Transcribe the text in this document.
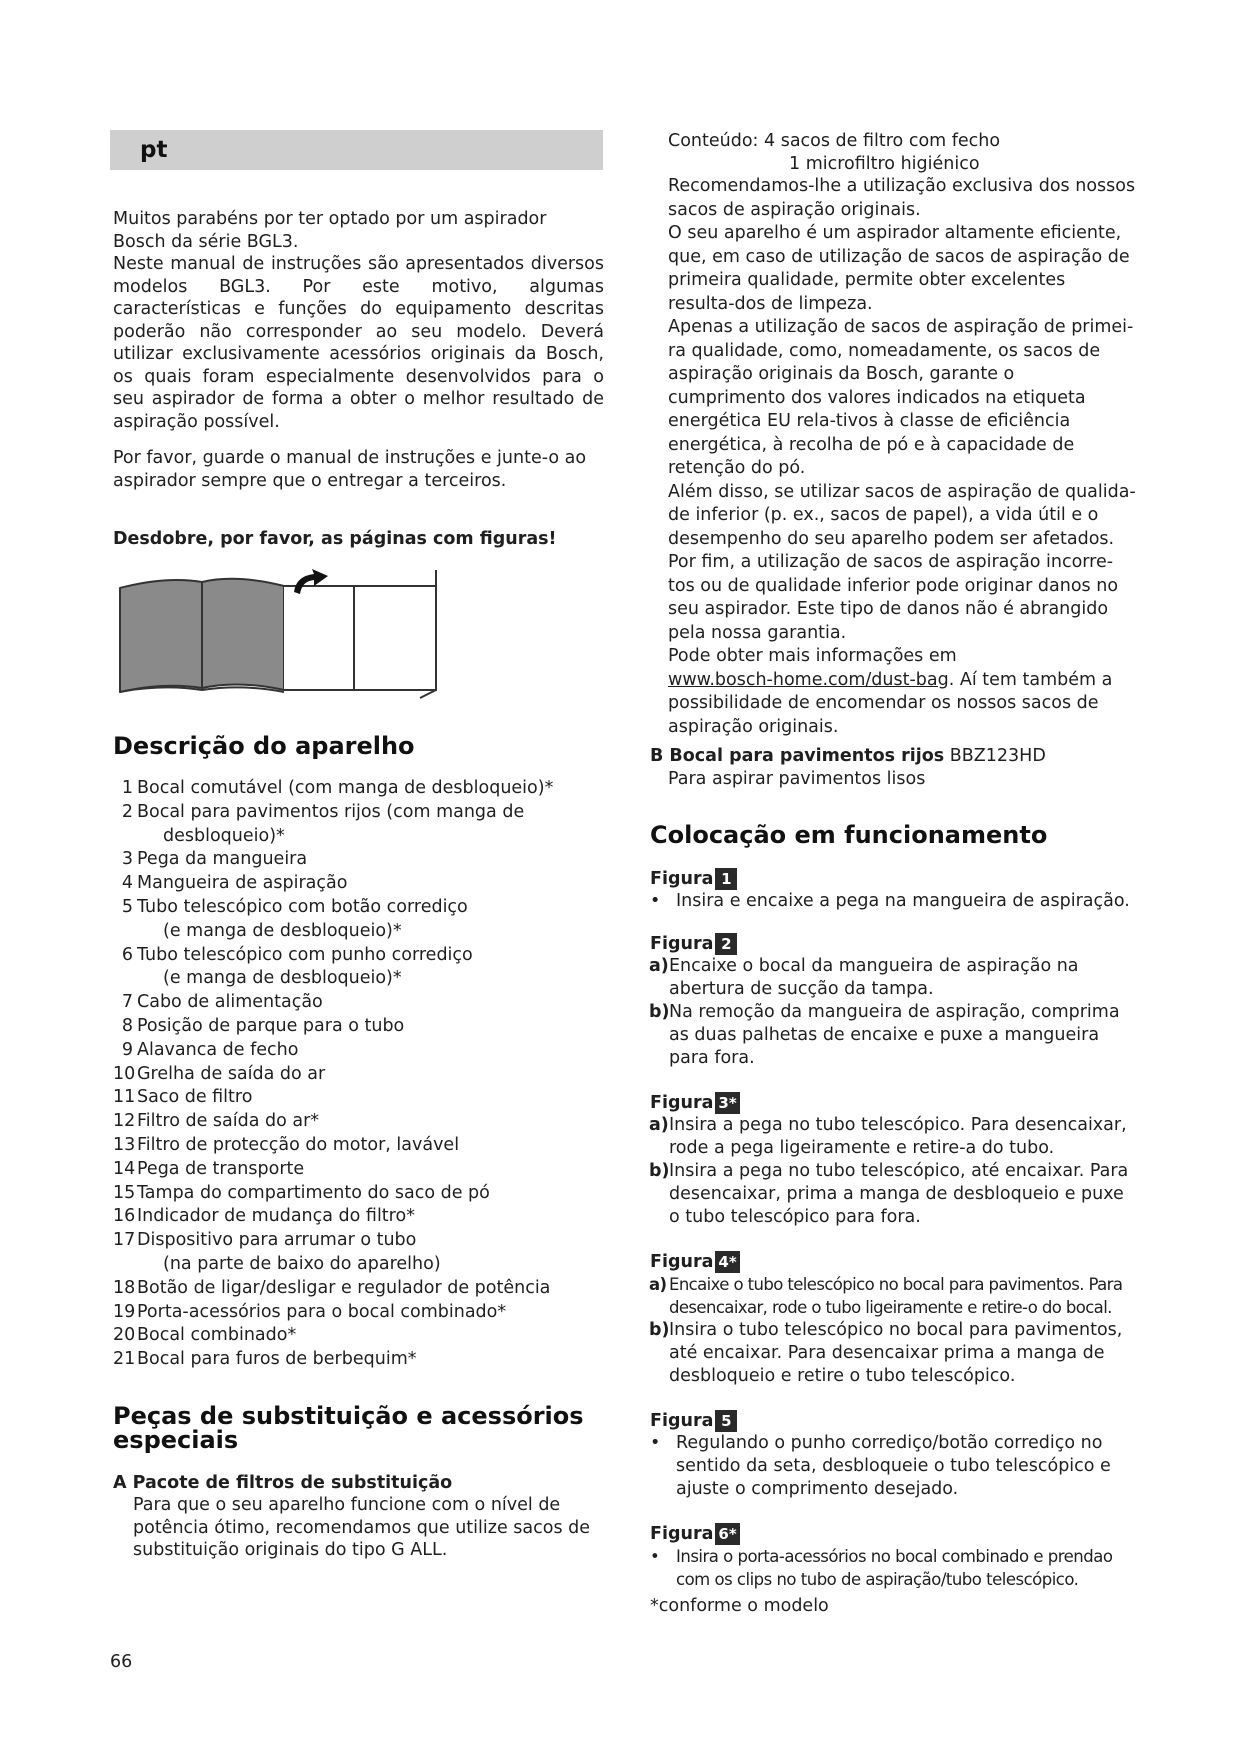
pt

Muitos parabéns por ter optado por um aspirador Bosch da série BGL3.

Neste manual de instruções são apresentados diversos modelos BGL3. Por este motivo, algumas características e funções do equipamento descritas poderão não corresponder ao seu modelo. Deverá utilizar exclusivamente acessórios originais da Bosch, os quais foram especialmente desenvolvidos para o seu aspirador de forma a obter o melhor resultado de aspiração possível.

Por favor, guarde o manual de instruções e junte-o ao aspirador sempre que o entregar a terceiros.

Desdobre, por favor, as páginas com figuras!

Descrição do aparelho
1 Bocal comutável (com manga de desbloqueio)*
2 Bocal para pavimentos rijos (com manga de
desbloqueio)*
3 Pega da mangueira
4 Mangueira de aspiração
5 Tubo telescópico com botão corrediço
(e manga de desbloqueio)*
6 Tubo telescópico com punho corrediço
(e manga de desbloqueio)*
7 Cabo de alimentação
8 Posição de parque para o tubo
9 Alavanca de fecho
10 Grelha de saída do ar
11 Saco de filtro
12 Filtro de saída do ar*
13 Filtro de protecção do motor, lavável
14 Pega de transporte
15 Tampa do compartimento do saco de pó
16 Indicador de mudança do filtro*
17 Dispositivo para arrumar o tubo
(na parte de baixo do aparelho)
18 Botão de ligar/desligar e regulador de potência
19 Porta-acessórios para o bocal combinado*
20 Bocal combinado*
21 Bocal para furos de berbequim*
Peças de substituição e acessórios especiais

A Pacote de filtros de substituição

Para que o seu aparelho funcione com o nível de potência ótimo, recomendamos que utilize sacos de substituição originais do tipo G ALL.

66

Conteúdo: 4 sacos de filtro com fecho

1 microfiltro higiénico

Recomendamos-lhe a utilização exclusiva dos nossos sacos de aspiração originais.

O seu aparelho é um aspirador altamente eficiente, que, em caso de utilização de sacos de aspiração de primeira qualidade, permite obter excelentes resulta-dos de limpeza.

Apenas a utilização de sacos de aspiração de primei-ra qualidade, como, nomeadamente, os sacos de aspiração originais da Bosch, garante o cumprimento dos valores indicados na etiqueta energética EU rela-tivos à classe de eficiência energética, à recolha de pó e à capacidade de retenção do pó.

Além disso, se utilizar sacos de aspiração de qualida-de inferior (p. ex., sacos de papel), a vida útil e o desempenho do seu aparelho podem ser afetados.

Por fim, a utilização de sacos de aspiração incorre-tos ou de qualidade inferior pode originar danos no seu aspirador. Este tipo de danos não é abrangido pela nossa garantia.

Pode obter mais informações em
www.bosch-home.com/dust-bag. Aí tem também a possibilidade de encomendar os nossos sacos de aspiração originais.

B Bocal para pavimentos rijos BBZ123HD

Para aspirar pavimentos lisos

Colocação em funcionamento
Figura 1

• Insira e encaixe a pega na mangueira de aspiração.

Figura 2

a) Encaixe o bocal da mangueira de aspiração na abertura de sucção da tampa.

b) Na remoção da mangueira de aspiração, comprima as duas palhetas de encaixe e puxe a mangueira para fora.

Figura 3*

a) Insira a pega no tubo telescópico. Para desencaixar, rode a pega ligeiramente e retire-a do tubo.

b) Insira a pega no tubo telescópico, até encaixar. Para desencaixar, prima a manga de desbloqueio e puxe o tubo telescópico para fora.

Figura 4*

a) Encaixe o tubo telescópico no bocal para pavimentos. Para desencaixar, rode o tubo ligeiramente e retire-o do bocal.

b) Insira o tubo telescópico no bocal para pavimentos, até encaixar. Para desencaixar prima a manga de desbloqueio e retire o tubo telescópico.

Figura 5

• Regulando o punho corrediço/botão corrediço no sentido da seta, desbloqueie o tubo telescópico e ajuste o comprimento desejado.

Figura 6*

• Insira o porta-acessórios no bocal combinado e prendao com os clips no tubo de aspiração/tubo telescópico.

*conforme o modelo
